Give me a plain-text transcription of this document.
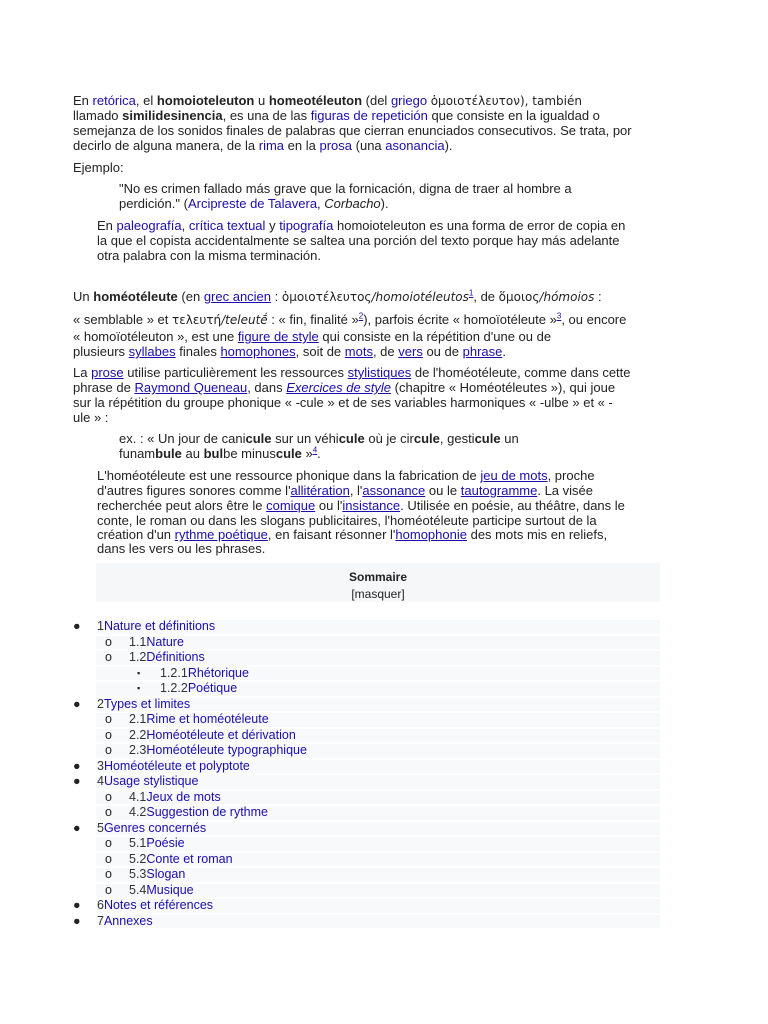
En retórica, el homoioteleuton u homeotéleuton (del griego ὁμοιοτέλευτον), también
llamado similidesinencia, es una de las figuras de repetición que consiste en la igualdad o
semejanza de los sonidos finales de palabras que cierran enunciados consecutivos. Se trata, por
decirlo de alguna manera, de la rima en la prosa (una asonancia).
Ejemplo:
"No es crimen fallado más grave que la fornicación, digna de traer al hombre a
perdición." (Arcipreste de Talavera, Corbacho).
En paleografía, crítica textual y tipografía homoioteleuton es una forma de error de copia en
la que el copista accidentalmente se saltea una porción del texto porque hay más adelante
otra palabra con la misma terminación.
Un homéotéleute (en grec ancien : ὁμοιοτέλευτος/homoiotéleutos$^1$, de ὅμοιος/hómoios :
« semblable » et τελευτή/teleutḗ : « fin, finalité »$^2$), parfois écrite « homoïotéleute »$^3$, ou encore
« homoïotéleuton », est une figure de style qui consiste en la répétition d'une ou de
plusieurs syllabes finales homophones, soit de mots, de vers ou de phrase.
La prose utilise particulièrement les ressources stylistiques de l'homéotéleute, comme dans cette
phrase de Raymond Queneau, dans Exercices de style (chapitre « Homéotéleutes »), qui joue
sur la répétition du groupe phonique « -cule » et de ses variables harmoniques « -ulbe » et « -
ule » :
ex. : « Un jour de canicule sur un véhicule où je circule, gesticule un
funambule au bulbe minuscule »$^4$.
L'homéotéleute est une ressource phonique dans la fabrication de jeu de mots, proche
d'autres figures sonores comme l'allitération, l'assonance ou le tautogramme. La visée
recherchée peut alors être le comique ou l'insistance. Utilisée en poésie, au théâtre, dans le
conte, le roman ou dans les slogans publicitaires, l'homéotéleute participe surtout de la
création d'un rythme poétique, en faisant résonner l'homophonie des mots mis en reliefs,
dans les vers ou les phrases.
Sommaire
[masquer]
● 1Nature et définitions
o 1.1Nature
o 1.2Définitions
▪ 1.2.1Rhétorique
▪ 1.2.2Poétique
● 2Types et limites
o 2.1Rime et homéotéleute
o 2.2Homéotéleute et dérivation
o 2.3Homéotéleute typographique
● 3Homéotéleute et polyptote
● 4Usage stylistique
o 4.1Jeux de mots
o 4.2Suggestion de rythme
● 5Genres concernés
o 5.1Poésie
o 5.2Conte et roman
o 5.3Slogan
o 5.4Musique
● 6Notes et références
● 7Annexes
